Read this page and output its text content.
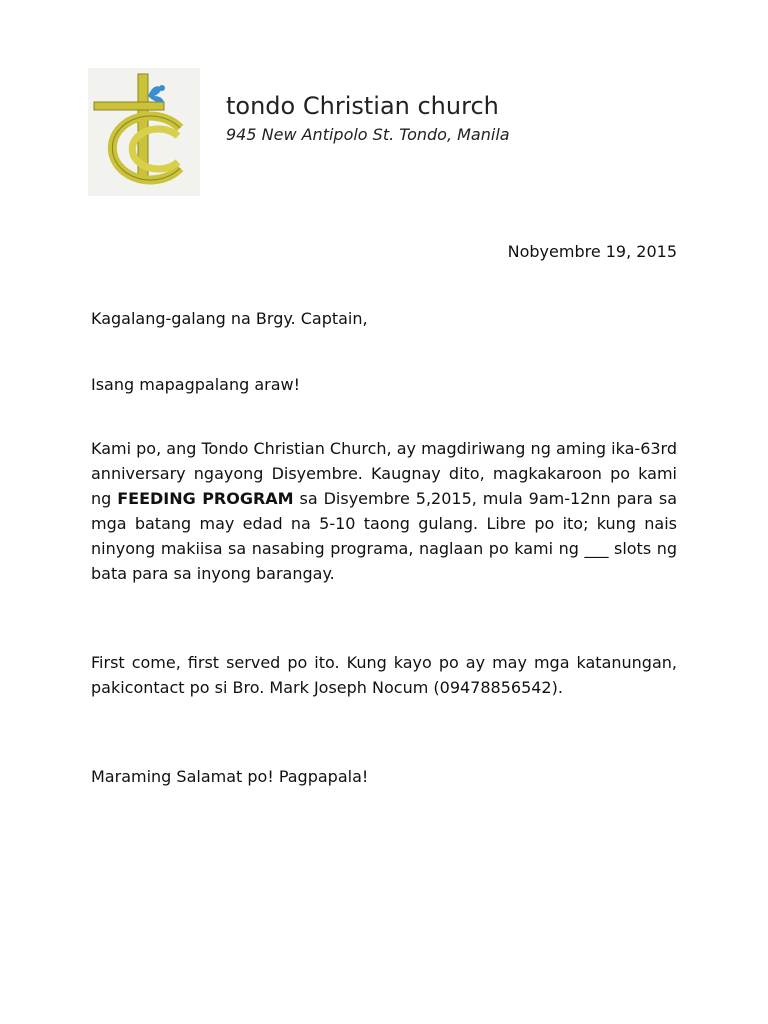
tondo Christian church
945 New Antipolo St. Tondo, Manila
Nobyembre 19, 2015
Kagalang-galang na Brgy. Captain,
Isang mapagpalang araw!

Kami po, ang Tondo Christian Church, ay magdiriwang ng aming ika-63rd anniversary ngayong Disyembre. Kaugnay dito, magkakaroon po kami ng FEEDING PROGRAM sa Disyembre 5,2015, mula 9am-12nn para sa mga batang may edad na 5-10 taong gulang. Libre po ito; kung nais ninyong makiisa sa nasabing programa, naglaan po kami ng ___ slots ng bata para sa inyong barangay.

First come, first served po ito. Kung kayo po ay may mga katanungan, pakicontact po si Bro. Mark Joseph Nocum (09478856542).

Maraming Salamat po! Pagpapala!
